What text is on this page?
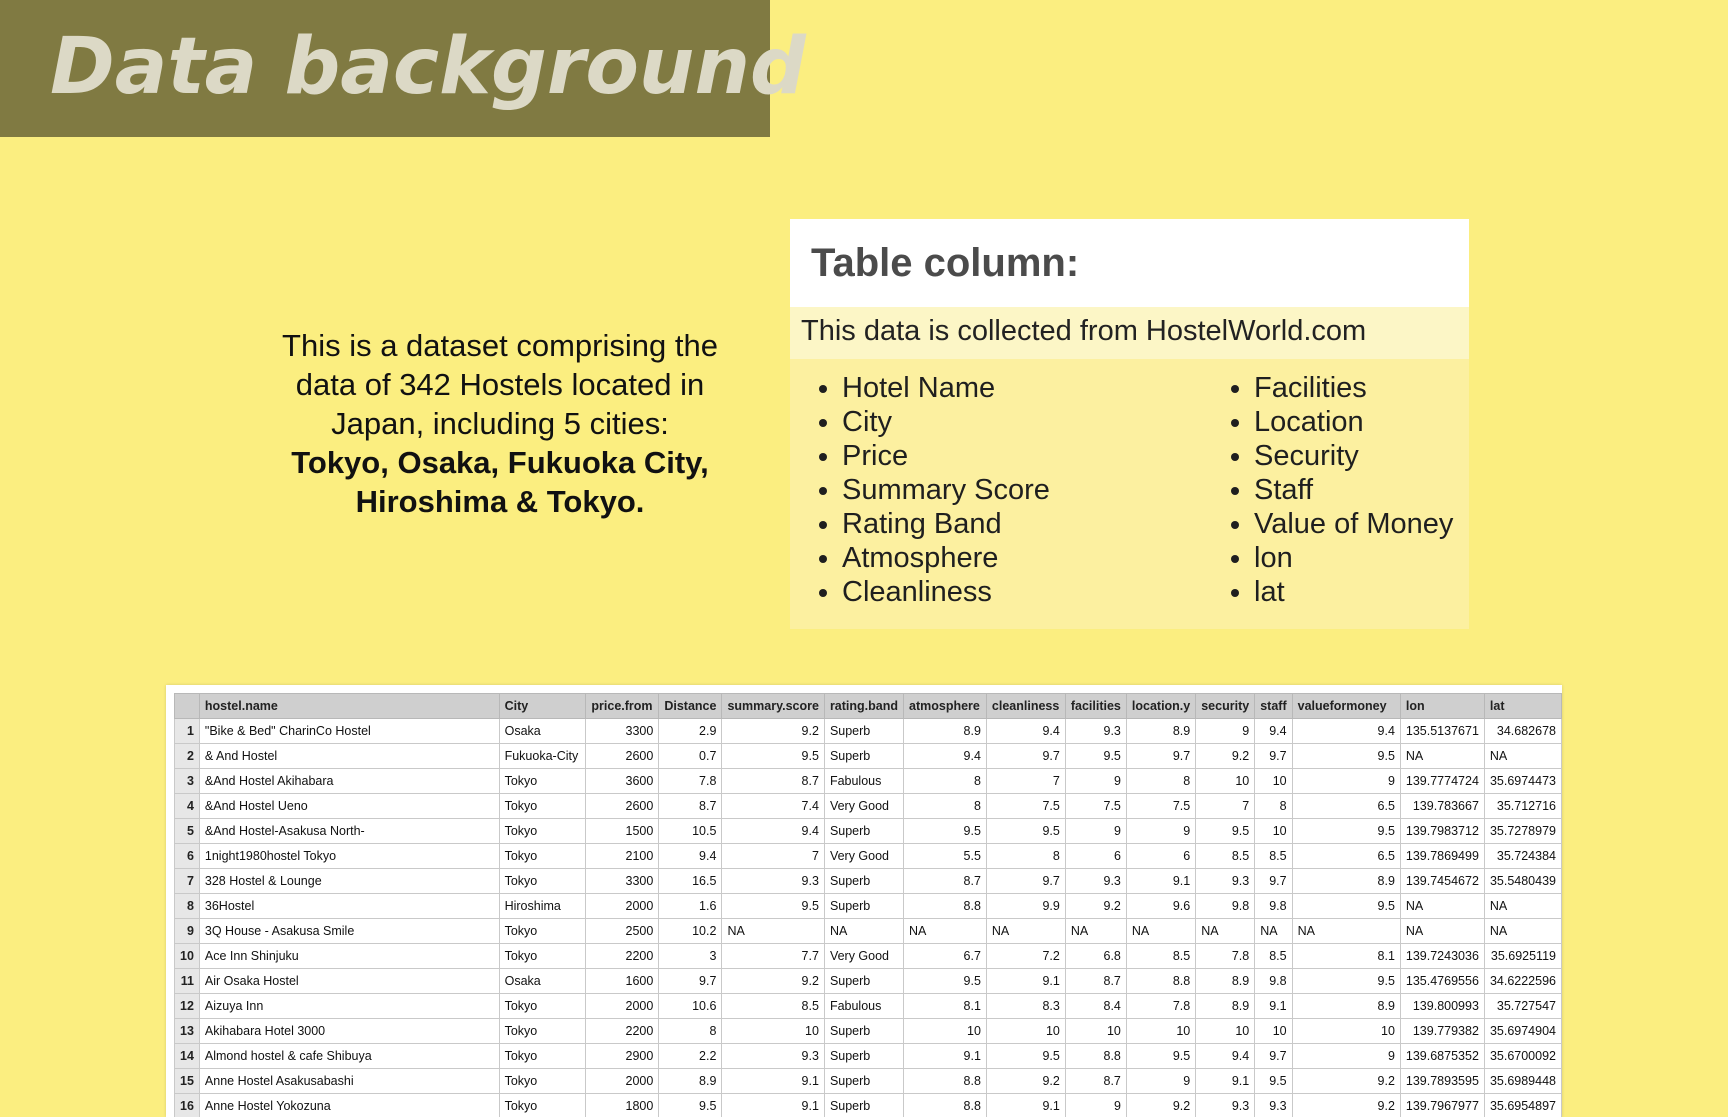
Data background
This is a dataset comprising the
data of 342 Hostels located in
Japan, including 5 cities:
Tokyo, Osaka, Fukuoka City,
Hiroshima & Tokyo.
Table column:
This data is collected from HostelWorld.com
• Hotel Name
• City
• Price
• Summary Score
• Rating Band
• Atmosphere
• Cleanliness
• Facilities
• Location
• Security
• Staff
• Value of Money
• lon
• lat
	hostel.name	City	price.from	Distance	summary.score	rating.band	atmosphere	cleanliness	facilities	location.y	security	staff	valueformoney	lon	lat
1	"Bike & Bed" CharinCo Hostel	Osaka	3300	2.9	9.2	Superb	8.9	9.4	9.3	8.9	9	9.4	9.4	135.5137671	34.682678
2	& And Hostel	Fukuoka-City	2600	0.7	9.5	Superb	9.4	9.7	9.5	9.7	9.2	9.7	9.5	NA	NA
3	&And Hostel Akihabara	Tokyo	3600	7.8	8.7	Fabulous	8	7	9	8	10	10	9	139.7774724	35.6974473
4	&And Hostel Ueno	Tokyo	2600	8.7	7.4	Very Good	8	7.5	7.5	7.5	7	8	6.5	139.783667	35.712716
5	&And Hostel-Asakusa North-	Tokyo	1500	10.5	9.4	Superb	9.5	9.5	9	9	9.5	10	9.5	139.7983712	35.7278979
6	1night1980hostel Tokyo	Tokyo	2100	9.4	7	Very Good	5.5	8	6	6	8.5	8.5	6.5	139.7869499	35.724384
7	328 Hostel & Lounge	Tokyo	3300	16.5	9.3	Superb	8.7	9.7	9.3	9.1	9.3	9.7	8.9	139.7454672	35.5480439
8	36Hostel	Hiroshima	2000	1.6	9.5	Superb	8.8	9.9	9.2	9.6	9.8	9.8	9.5	NA	NA
9	3Q House - Asakusa Smile	Tokyo	2500	10.2	NA	NA	NA	NA	NA	NA	NA	NA	NA	NA	NA
10	Ace Inn Shinjuku	Tokyo	2200	3	7.7	Very Good	6.7	7.2	6.8	8.5	7.8	8.5	8.1	139.7243036	35.6925119
11	Air Osaka Hostel	Osaka	1600	9.7	9.2	Superb	9.5	9.1	8.7	8.8	8.9	9.8	9.5	135.4769556	34.6222596
12	Aizuya Inn	Tokyo	2000	10.6	8.5	Fabulous	8.1	8.3	8.4	7.8	8.9	9.1	8.9	139.800993	35.727547
13	Akihabara Hotel 3000	Tokyo	2200	8	10	Superb	10	10	10	10	10	10	10	139.779382	35.6974904
14	Almond hostel & cafe Shibuya	Tokyo	2900	2.2	9.3	Superb	9.1	9.5	8.8	9.5	9.4	9.7	9	139.6875352	35.6700092
15	Anne Hostel Asakusabashi	Tokyo	2000	8.9	9.1	Superb	8.8	9.2	8.7	9	9.1	9.5	9.2	139.7893595	35.6989448
16	Anne Hostel Yokozuna	Tokyo	1800	9.5	9.1	Superb	8.8	9.1	9	9.2	9.3	9.3	9.2	139.7967977	35.6954897
